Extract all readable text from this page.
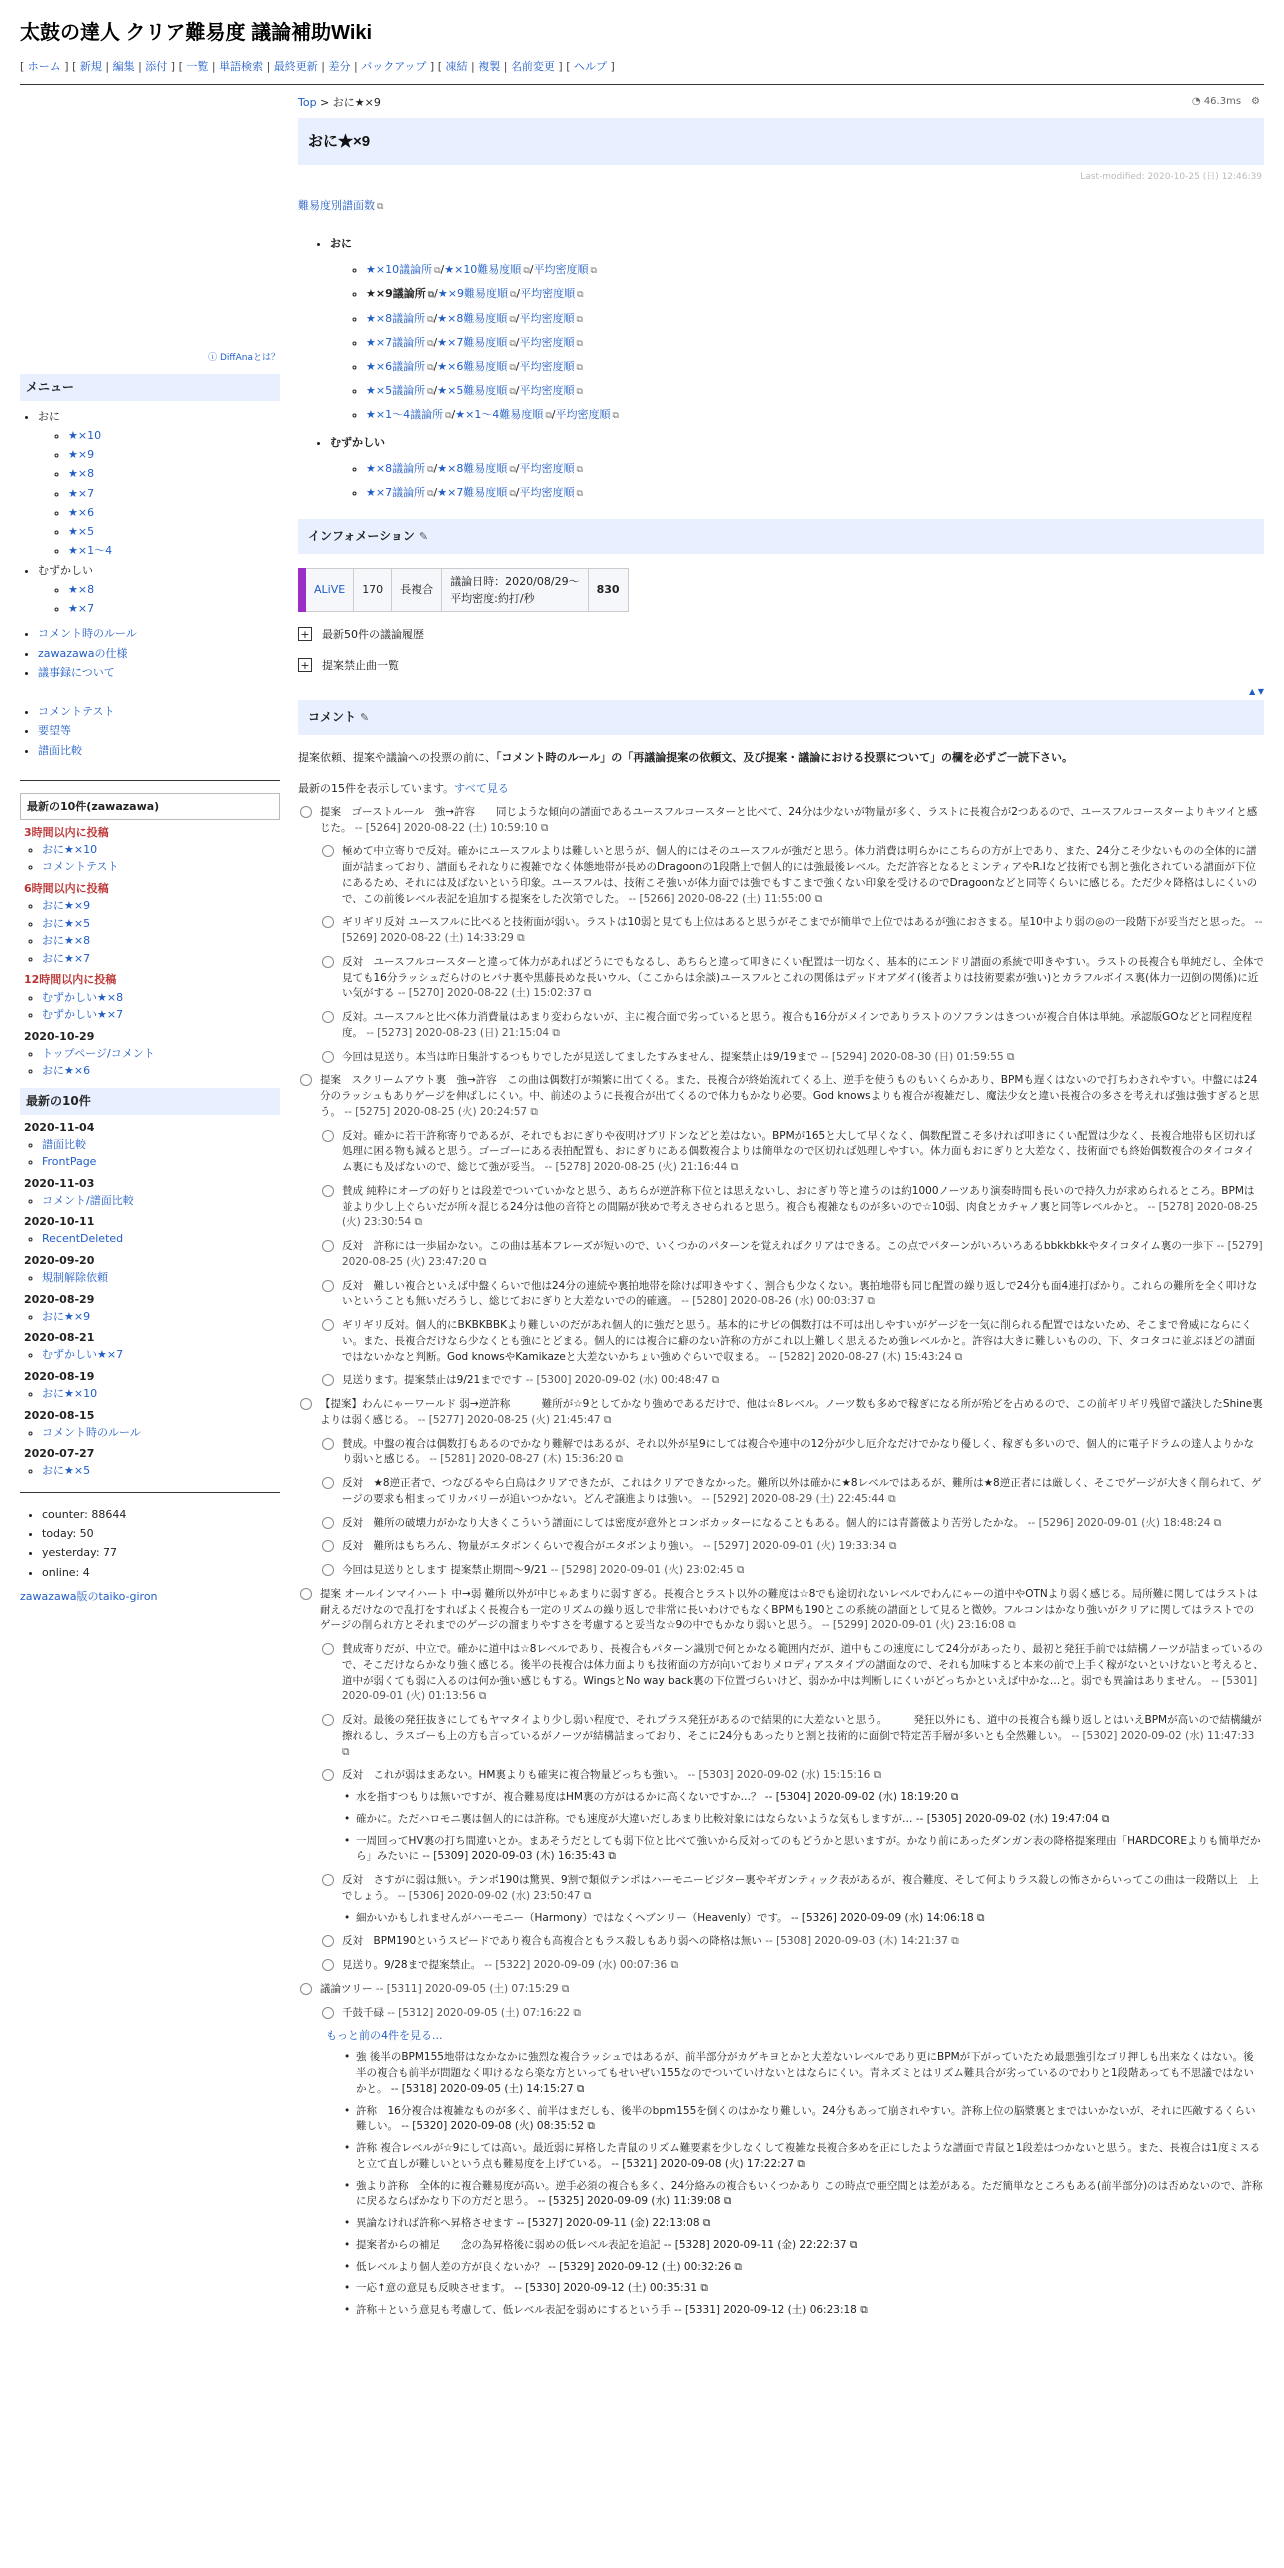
太鼓の達人 クリア難易度 議論補助Wiki
[ ホーム ] [ 新規 | 編集 | 添付 ] [ 一覧 | 単語検索 | 最終更新 | 差分 | バックアップ ] [ 凍結 | 複製 | 名前変更 ] [ ヘルプ ]
ⓘ DiffAnaとは？
メニュー
• おに
◦ ★×10
◦ ★×9
◦ ★×8
◦ ★×7
◦ ★×6
◦ ★×5
◦ ★×1～4
• むずかしい
◦ ★×8
◦ ★×7
• コメント時のルール
• zawazawaの仕様
• 議事録について
• コメントテスト
• 要望等
• 譜面比較
最新の10件(zawazawa)
3時間以内に投稿
◦ おに★×10
◦ コメントテスト
6時間以内に投稿
◦ おに★×9
◦ おに★×5
◦ おに★×8
◦ おに★×7
12時間以内に投稿
◦ むずかしい★×8
◦ むずかしい★×7
2020-10-29
◦ トップページ/コメント
◦ おに★×6
最新の10件
2020-11-04
◦ 譜面比較
◦ FrontPage
2020-11-03
◦ コメント/譜面比較
2020-10-11
◦ RecentDeleted
2020-09-20
◦ 規制解除依頼
2020-08-29
◦ おに★×9
2020-08-21
◦ むずかしい★×7
2020-08-19
◦ おに★×10
2020-08-15
◦ コメント時のルール
2020-07-27
◦ おに★×5
• counter: 88644
• today: 50
• yesterday: 77
• online: 4
zawazawa版のtaiko-giron
Top > おに★×9	◔ 46.3ms　 ⚙
おに★×9
Last-modified: 2020-10-25 (日) 12:46:39
難易度別譜面数 ⧉
• おに
◦ ★×10議論所 ⧉ /★×10難易度順 ⧉ /平均密度順 ⧉
◦ ★×9議論所 ⧉ /★×9難易度順 ⧉ /平均密度順 ⧉
◦ ★×8議論所 ⧉ /★×8難易度順 ⧉ /平均密度順 ⧉
◦ ★×7議論所 ⧉ /★×7難易度順 ⧉ /平均密度順 ⧉
◦ ★×6議論所 ⧉ /★×6難易度順 ⧉ /平均密度順 ⧉
◦ ★×5議論所 ⧉ /★×5難易度順 ⧉ /平均密度順 ⧉
◦ ★×1～4議論所 ⧉ /★×1～4難易度順 ⧉ /平均密度順 ⧉
• むずかしい
◦ ★×8議論所 ⧉ /★×8難易度順 ⧉ /平均密度順 ⧉
◦ ★×7議論所 ⧉ /★×7難易度順 ⧉ /平均密度順 ⧉
インフォメーション ✎
ALiVE	170	長複合	議論日時：2020/08/29～
平均密度:約打/秒	830
+ 最新50件の議論履歴
+ 提案禁止曲一覧
▲ ▼
コメント ✎
提案依頼、提案や議論への投票の前に、「コメント時のルール」の「再議論提案の依頼文、及び提案・議論における投票について」の欄を必ずご一読下さい。
最新の15件を表示しています。すべて見る
提案　ゴーストルール　強→許容　　同じような傾向の譜面であるユースフルコースターと比べて、24分は少ないが物量が多く、ラストに長複合が2つあるので、ユースフルコースターよりキツイと感じた。 -- [5264] 2020-08-22 (土) 10:59:10 ⧉
極めて中立寄りで反対。確かにユースフルよりは難しいと思うが、個人的にはそのユースフルが強だと思う。体力消費は明らかにこちらの方が上であり、また、24分こそ少ないものの全体的に譜面が詰まっており、譜面もそれなりに複雑でなく体態地帯が長めのDragoonの1段階上で個人的には強最後レベル。ただ許容となるとミンティアやR.Iなど技術でも割と強化されている譜面が下位にあるため、それには及ばないという印象。ユースフルは、技術こそ強いが体力面では強でもすこまで強くない印象を受けるのでDragoonなどと同等くらいに感じる。ただ少々降格はしにくいので、この前後レベル表記を追加する提案をした次第でした。 -- [5266] 2020-08-22 (土) 11:55:00 ⧉
ギリギリ反対 ユースフルに比べると技術面が弱い。ラストは10弱と見ても上位はあると思うがそこまでが簡単で上位ではあるが強におさまる。星10中より弱の◎の一段階下が妥当だと思った。 -- [5269] 2020-08-22 (土) 14:33:29 ⧉
反対　ユースフルコースターと違って体力があればどうにでもなるし、あちらと違って叩きにくい配置は一切なく、基本的にエンドリ譜面の系統で叩きやすい。ラストの長複合も単純だし、全体で見ても16分ラッシュだらけのヒパナ裏や黒藤長めな長いウル、（ここからは余談)ユースフルとこれの関係はデッドオアダイ(後者よりは技術要素が強い)とカラフルボイス裏(体力一辺倒の関係)に近い気がする -- [5270] 2020-08-22 (土) 15:02:37 ⧉
反対。ユースフルと比べ体力消費量はあまり変わらないが、主に複合面で劣っていると思う。複合も16分がメインでありラストのソフランはきついが複合自体は単純。承認版GOなどと同程度程度。 -- [5273] 2020-08-23 (日) 21:15:04 ⧉
今回は見送り。本当は昨日集計するつもりでしたが見送してましたすみません、提案禁止は9/19まで -- [5294] 2020-08-30 (日) 01:59:55 ⧉
提案　スクリームアウト裏　強→許容　この曲は偶数打が頻繁に出てくる。また、長複合が終始流れてくる上、逆手を使うものもいくらかあり、BPMも遅くはないので打ちわされやすい。中盤には24分のラッシュもありゲージを伸ばしにくい。中、前述のように長複合が出てくるので体力もかなり必要。God knowsよりも複合が複雑だし、魔法少女と違い長複合の多さを考えれば強は強すぎると思う。 -- [5275] 2020-08-25 (火) 20:24:57 ⧉
反対。確かに若干許称寄りであるが、それでもおにぎりや夜明けブリドンなどと差はない。BPMが165と大して早くなく、偶数配置こそ多ければ叩きにくい配置は少なく、長複合地帯も区切れば処理に困る物も減ると思う。ゴーゴーにある表拍配置も、おにぎりにある偶数複合よりは簡単なので区切れば処理しやすい。体力面もおにぎりと大差なく、技術面でも終始偶数複合のタイコタイム裏にも及ばないので、総じて強が妥当。 -- [5278] 2020-08-25 (火) 21:16:44 ⧉
賛成 純粋にオーブの好りとは段差でついていかなと思う、あちらが逆許称下位とは思えないし、おにぎり等と違うのは約1000ノーツあり演奏時間も長いので持久力が求められるところ。BPMは並より少し上ぐらいだが所々混じる24分は他の音符との間隔が狭めで考えさせられると思う。複合も複雑なものが多いので☆10弱、肉食とカチャノ裏と同等レベルかと。 -- [5278] 2020-08-25 (火) 23:30:54 ⧉
反対　許称には一歩届かない。この曲は基本フレーズが短いので、いくつかのパターンを覚えればクリアはできる。この点でパターンがいろいろあるbbkkbkkやタイコタイム裏の一歩下 -- [5279] 2020-08-25 (火) 23:47:20 ⧉
反対　難しい複合といえば中盤くらいで他は24分の連続や裏拍地帯を除けば叩きやすく、割合も少なくない。裏拍地帯も同じ配置の繰り返しで24分も面4連打ばかり。これらの難所を全く叩けないということも無いだろうし、総じておにぎりと大差ないでの的確適。 -- [5280] 2020-08-26 (水) 00:03:37 ⧉
ギリギリ反対。個人的にBKBKBBKより難しいのだがあれ個人的に強だと思う。基本的にサビの偶数打は不可は出しやすいがゲージを一気に削られる配置ではないため、そこまで脅威にならにくい。また、長複合だけなら少なくとも強にとどまる。個人的には複合に癖のない許称の方がこれ以上難しく思えるため強レベルかと。許容は大きに難しいものの、下、タコタコに並ぶほどの譜面ではないかなと判断。God knowsやKamikazeと大差ないかちょい強めぐらいで収まる。 -- [5282] 2020-08-27 (木) 15:43:24 ⧉
見送ります。提案禁止は9/21までです -- [5300] 2020-09-02 (水) 00:48:47 ⧉
【提案】わんにゃーワールド 弱→逆許称　　　難所が☆9としてかなり強めであるだけで、他は☆8レベル。ノーツ数も多めで稼ぎになる所が殆どを占めるので、この前ギリギリ残留で議決したShine裏よりは弱く感じる。 -- [5277] 2020-08-25 (火) 21:45:47 ⧉
賛成。中盤の複合は偶数打もあるのでかなり難解ではあるが、それ以外が星9にしては複合や連中の12分が少し厄介なだけでかなり優しく、稼ぎも多いので、個人的に電子ドラムの達人よりかなり弱いと感じる。 -- [5281] 2020-08-27 (木) 15:36:20 ⧉
反対　★8逆正者で、つなびるやら白鳥はクリアできたが、これはクリアできなかった。難所以外は確かに★8レベルではあるが、難所は★8逆正者には厳しく、そこでゲージが大きく削られて、ゲージの要求も相まってリカバリーが追いつかない。どんぞ譲進よりは強い。 -- [5292] 2020-08-29 (土) 22:45:44 ⧉
反対　難所の破壊力がかなり大きくこういう譜面にしては密度が意外とコンボカッターになることもある。個人的には青薔薇より苦労したかな。 -- [5296] 2020-09-01 (火) 18:48:24 ⧉
反対　難所はもちろん、物量がエタボンくらいで複合がエタボンより強い。 -- [5297] 2020-09-01 (火) 19:33:34 ⧉
今回は見送りとします 提案禁止期間～9/21 -- [5298] 2020-09-01 (火) 23:02:45 ⧉
提案 オールインマイハート 中→弱 難所以外が中じゃあまりに弱すぎる。長複合とラスト以外の難度は☆8でも途切れないレベルでわんにゃーの道中やOTNより弱く感じる。局所難に関してはラストは耐えるだけなので乱打をすればよく長複合も一定のリズムの繰り返しで非常に長いわけでもなくBPMも190とこの系統の譜面として見ると微妙。フルコンはかなり強いがクリアに関してはラストでのゲージの削られ方とそれまでのゲージの溜まりやすさを考慮すると妥当な☆9の中でもかなり弱いと思う。 -- [5299] 2020-09-01 (火) 23:16:08 ⧉
賛成寄りだが、中立で。確かに道中は☆8レベルであり、長複合もパターン識別で何とかなる範囲内だが、道中もこの速度にして24分があったり、最初と発狂手前では結構ノーツが詰まっているので、そこだけならかなり強く感じる。後半の長複合は体力面よりも技術面の方が向いておりメロディアスタイプの譜面なので、それも加味すると本来の前で上手く稼がないといけないと考えると、道中が弱くても弱に入るのは何か強い感じもする。WingsとNo way back裏の下位置づらいけど、弱かか中は判断しにくいがどっちかといえば中かな…と。弱でも異論はありません。 -- [5301] 2020-09-01 (火) 01:13:56 ⧉
反対。最後の発狂抜きにしてもヤマタイより少し弱い程度で、それプラス発狂があるので結果的に大差ないと思う。　　　発狂以外にも、道中の長複合も繰り返しとはいえBPMが高いので結構繊が擦れるし、ラスゴーも上の方も言っているがノーツが結構詰まっており、そこに24分もあったりと割と技術的に面倒で特定苦手層が多いとも全然難しい。 -- [5302] 2020-09-02 (水) 11:47:33 ⧉
反対　これが弱はまあない。HM裏よりも確実に複合物量どっちも強い。 -- [5303] 2020-09-02 (水) 15:15:16 ⧉
• 水を指すつもりは無いですが、複合難易度はHM裏の方がはるかに高くないですか…？ -- [5304] 2020-09-02 (水) 18:19:20 ⧉
• 確かに。ただハロモニ裏は個人的には許称。でも速度が大違いだしあまり比較対象にはならないような気もしますが… -- [5305] 2020-09-02 (水) 19:47:04 ⧉
• 一周回ってHV裏の打ち間違いとか。まあそうだとしても弱下位と比べて強いから反対ってのもどうかと思いますが。かなり前にあったダンガン表の降格提案理由「HARDCOREよりも簡単だから」みたいに -- [5309] 2020-09-03 (木) 16:35:43 ⧉
反対　さすがに弱は無い。テンポ190は驚異、9割で類似テンポはハーモニービジター裏やギガンティック表があるが、複合難度、そして何よりラス殺しの怖さからいってこの曲は一段階以上　上でしょう。 -- [5306] 2020-09-02 (水) 23:50:47 ⧉
• 細かいかもしれませんがハーモニー（Harmony）ではなくヘブンリー（Heavenly）です。 -- [5326] 2020-09-09 (水) 14:06:18 ⧉
反対　BPM190というスピードであり複合も高複合ともラス殺しもあり弱への降格は無い -- [5308] 2020-09-03 (木) 14:21:37 ⧉
見送り。9/28まで提案禁止。 -- [5322] 2020-09-09 (水) 00:07:36 ⧉
議論ツリー -- [5311] 2020-09-05 (土) 07:15:29 ⧉
千鼓千碌 -- [5312] 2020-09-05 (土) 07:16:22 ⧉
もっと前の4件を見る...
• 強 後半のBPM155地帯はなかなかに強烈な複合ラッシュではあるが、前半部分がカゲキヨとかと大差ないレベルであり更にBPMが下がっていたため最悪強引なゴリ押しも出来なくはない。後半の複合も前半が問題なく叩けるなら楽な方といってもせいぜい155なのでついていけないとはならにくい。青ネズミとはリズム難具合が劣っているのでわりと1段階あっても不思議ではないかと。 -- [5318] 2020-09-05 (土) 14:15:27 ⧉
• 許称　16分複合は複雑なものが多く、前半はまだしも、後半のbpm155を倒くのはかなり難しい。24分もあって崩されやすい。許称上位の脳漿裏とまではいかないが、それに匹敵するくらい難しい。 -- [5320] 2020-09-08 (火) 08:35:52 ⧉
• 許称 複合レベルが☆9にしては高い。最近弱に昇格した青鼠のリズム難要素を少しなくして複雑な長複合多めを正にしたような譜面で青鼠と1段差はつかないと思う。また、長複合は1度ミスると立て直しが難しいという点も難易度を上げている。 -- [5321] 2020-09-08 (火) 17:22:27 ⧉
• 強より許称　全体的に複合難易度が高い。逆手必須の複合も多く、24分絡みの複合もいくつかあり この時点で亜空間とは差がある。ただ簡単なところもある(前半部分)のは否めないので、許称に戻るならばかなり下の方だと思う。 -- [5325] 2020-09-09 (水) 11:39:08 ⧉
• 異論なければ許称へ昇格させます -- [5327] 2020-09-11 (金) 22:13:08 ⧉
• 提案者からの補足　　念の為昇格後に弱めの低レベル表記を追記 -- [5328] 2020-09-11 (金) 22:22:37 ⧉
• 低レベルより個人差の方が良くないか？ -- [5329] 2020-09-12 (土) 00:32:26 ⧉
• 一応↑意の意見も反映させます。 -- [5330] 2020-09-12 (土) 00:35:31 ⧉
• 許称＋という意見も考慮して、低レベル表記を弱めにするという手 -- [5331] 2020-09-12 (土) 06:23:18 ⧉
